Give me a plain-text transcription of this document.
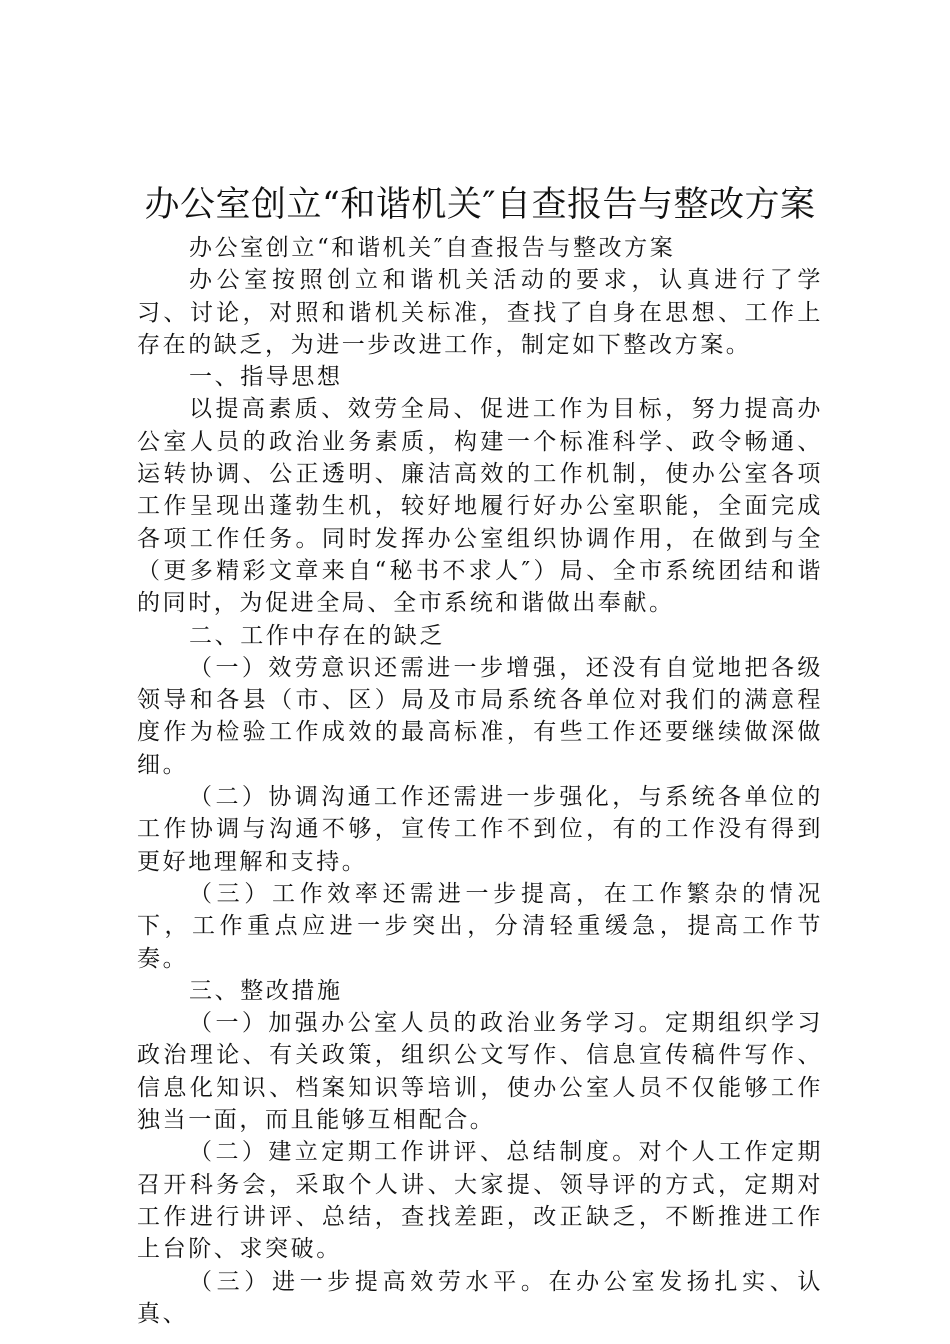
办公室创立“和谐机关″自查报告与整改方案

办公室创立“和谐机关″自查报告与整改方案

办公室按照创立和谐机关活动的要求，认真进行了学习、讨论，对照和谐机关标准，查找了自身在思想、工作上存在的缺乏，为进一步改进工作，制定如下整改方案。

一、指导思想

以提高素质、效劳全局、促进工作为目标，努力提高办公室人员的政治业务素质，构建一个标准科学、政令畅通、运转协调、公正透明、廉洁高效的工作机制，使办公室各项工作呈现出蓬勃生机，较好地履行好办公室职能，全面完成各项工作任务。同时发挥办公室组织协调作用，在做到与全（更多精彩文章来自“秘书不求人″）局、全市系统团结和谐的同时，为促进全局、全市系统和谐做出奉献。

二、工作中存在的缺乏

（一）效劳意识还需进一步增强，还没有自觉地把各级领导和各县（市、区）局及市局系统各单位对我们的满意程度作为检验工作成效的最高标准，有些工作还要继续做深做细。

（二）协调沟通工作还需进一步强化，与系统各单位的工作协调与沟通不够，宣传工作不到位，有的工作没有得到更好地理解和支持。

（三）工作效率还需进一步提高，在工作繁杂的情况下，工作重点应进一步突出，分清轻重缓急，提高工作节奏。

三、整改措施

（一）加强办公室人员的政治业务学习。定期组织学习政治理论、有关政策，组织公文写作、信息宣传稿件写作、信息化知识、档案知识等培训，使办公室人员不仅能够工作独当一面，而且能够互相配合。

（二）建立定期工作讲评、总结制度。对个人工作定期召开科务会，采取个人讲、大家提、领导评的方式，定期对工作进行讲评、总结，查找差距，改正缺乏，不断推进工作上台阶、求突破。

（三）进一步提高效劳水平。在办公室发扬扎实、认真、
